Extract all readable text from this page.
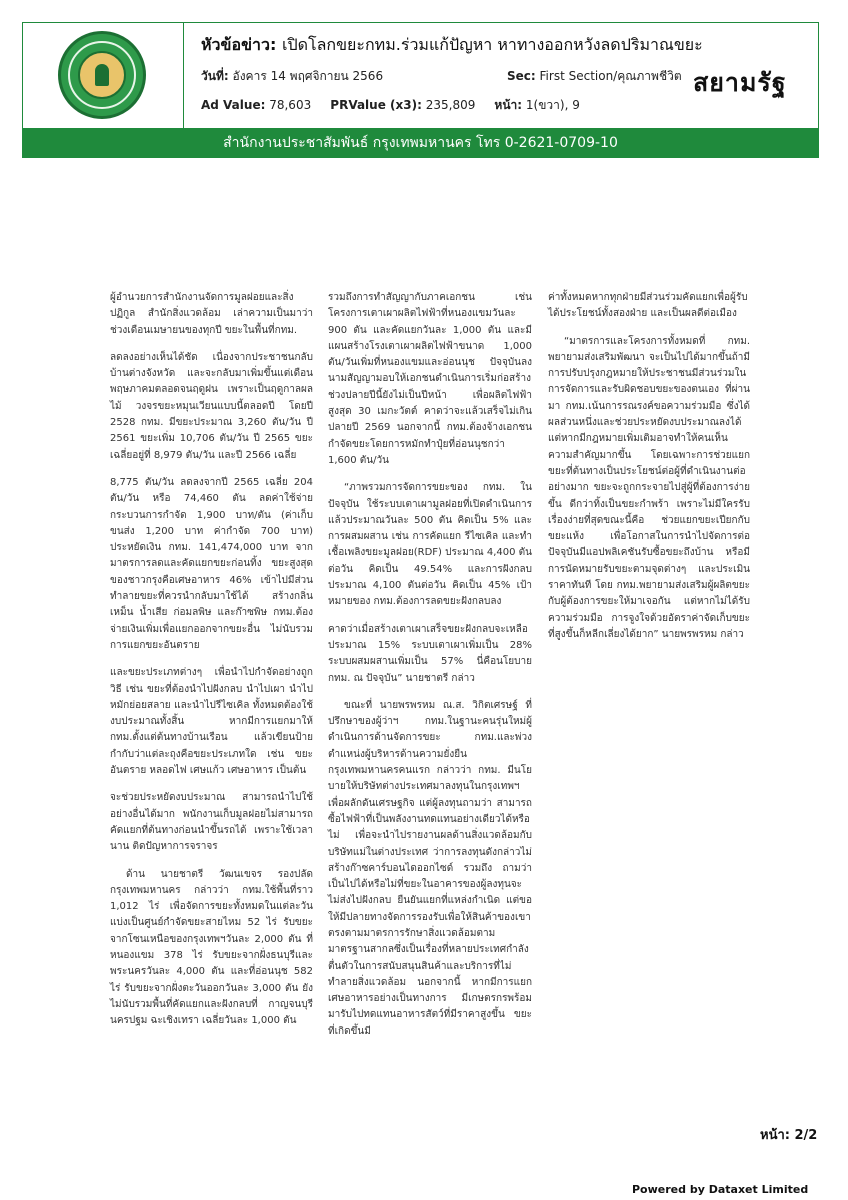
หัวข้อข่าว: เปิดโลกขยะกทม.ร่วมแก้ปัญหา หาทางออกหวังลดปริมาณขยะ
วันที่: อังคาร 14 พฤศจิกายน 2566	Sec: First Section/คุณภาพชีวิต
Ad Value: 78,603 PRValue (x3): 235,809 หน้า: 1(ขวา), 9
สยามรัฐ
สำนักงานประชาสัมพันธ์ กรุงเทพมหานคร โทร 0-2621-0709-10

ผู้อำนวยการสำนักงานจัดการมูลฝอยและสิ่งปฏิกูล สำนักสิ่งแวดล้อม เล่าความเป็นมาว่า ช่วงเดือนเมษายนของทุกปี ขยะในพื้นที่กทม.

ลดลงอย่างเห็นได้ชัด เนื่องจากประชาชนกลับบ้านต่างจังหวัด และจะกลับมาเพิ่มขึ้นแต่เดือนพฤษภาคมตลอดจนฤดูฝน เพราะเป็นฤดูกาลผลไม้ วงจรขยะหมุนเวียนแบบนี้ตลอดปี โดยปี 2528 กทม. มีขยะประมาณ 3,260 ตัน/วัน ปี 2561 ขยะเพิ่ม 10,706 ตัน/วัน ปี 2565 ขยะเฉลี่ยอยู่ที่ 8,979 ตัน/วัน และปี 2566 เฉลี่ย

8,775 ตัน/วัน ลดลงจากปี 2565 เฉลี่ย 204 ตัน/วัน หรือ 74,460 ตัน ลดค่าใช้จ่ายกระบวนการกำจัด 1,900 บาท/ตัน (ค่าเก็บขนส่ง 1,200 บาท ค่ากำจัด 700 บาท) ประหยัดเงิน กทม. 141,474,000 บาท จากมาตรการลดและคัดแยกขยะก่อนทิ้ง ขยะสูงสุดของชาวกรุงคือเศษอาหาร 46% เข้าไปมีส่วนทำลายขยะที่ควรนำกลับมาใช้ได้ สร้างกลิ่นเหม็น น้ำเสีย ก่อมลพิษ และก๊าซพิษ กทม.ต้องจ่ายเงินเพิ่มเพื่อแยกออกจากขยะอื่น ไม่นับรวมการแยกขยะอันตราย

และขยะประเภทต่างๆ เพื่อนำไปกำจัดอย่างถูกวิธี เช่น ขยะที่ต้องนำไปฝังกลบ นำไปเผา นำไปหมักย่อยสลาย และนำไปรีไซเคิล ทั้งหมดต้องใช้งบประมาณทั้งสิ้น หากมีการแยกมาให้ กทม.ตั้งแต่ต้นทางบ้านเรือน แล้วเขียนป้ายกำกับว่าแต่ละถุงคือขยะประเภทใด เช่น ขยะอันตราย หลอดไฟ เศษแก้ว เศษอาหาร เป็นต้น

จะช่วยประหยัดงบประมาณ สามารถนำไปใช้อย่างอื่นได้มาก พนักงานเก็บมูลฝอยไม่สามารถคัดแยกที่ต้นทางก่อนนำขึ้นรถได้ เพราะใช้เวลานาน ติดปัญหาการจราจร

ด้าน นายชาตรี วัฒนเขจร รองปลัดกรุงเทพมหานคร กล่าวว่า กทม.ใช้พื้นที่ราว 1,012 ไร่ เพื่อจัดการขยะทั้งหมดในแต่ละวัน แบ่งเป็นศูนย์กำจัดขยะสายไหม 52 ไร่ รับขยะจากโซนเหนือของกรุงเทพฯวันละ 2,000 ตัน ที่หนองแขม 378 ไร่ รับขยะจากฝั่งธนบุรีและพระนครวันละ 4,000 ตัน และที่อ่อนนุช 582 ไร่ รับขยะจากฝั่งตะวันออกวันละ 3,000 ตัน ยังไม่นับรวมพื้นที่คัดแยกและฝังกลบที่ กาญจนบุรี นครปฐม ฉะเชิงเทรา เฉลี่ยวันละ 1,000 ตัน

รวมถึงการทำสัญญากับภาคเอกชน เช่น โครงการเตาเผาผลิตไฟฟ้าที่หนองแขมวันละ 900 ตัน และคัดแยกวันละ 1,000 ตัน และมีแผนสร้างโรงเตาเผาผลิตไฟฟ้าขนาด 1,000 ตัน/วันเพิ่มที่หนองแขมและอ่อนนุช ปัจจุบันลงนามสัญญามอบให้เอกชนดำเนินการเริ่มก่อสร้างช่วงปลายปีนี้ยังไม่เป็นปีหน้า เพื่อผลิตไฟฟ้าสูงสุด 30 เมกะวัตต์ คาดว่าจะแล้วเสร็จไม่เกินปลายปี 2569 นอกจากนี้ กทม.ต้องจ้างเอกชนกำจัดขยะโดยการหมักทำปุ๋ยที่อ่อนนุชกว่า 1,600 ตัน/วัน

“ภาพรวมการจัดการขยะของ กทม. ในปัจจุบัน ใช้ระบบเตาเผามูลฝอยที่เปิดดำเนินการแล้วประมาณวันละ 500 ตัน คิดเป็น 5% และการผสมผสาน เช่น การคัดแยก รีไซเคิล และทำเชื้อเพลิงขยะมูลฝอย(RDF) ประมาณ 4,400 ตันต่อวัน คิดเป็น 49.54% และการฝังกลบประมาณ 4,100 ตันต่อวัน คิดเป็น 45% เป้าหมายของ กทม.ต้องการลดขยะฝังกลบลง

คาดว่าเมื่อสร้างเตาเผาเสร็จขยะฝังกลบจะเหลือประมาณ 15% ระบบเตาเผาเพิ่มเป็น 28% ระบบผสมผสานเพิ่มเป็น 57% นี่คือนโยบาย กทม. ณ ปัจจุบัน” นายชาตรี กล่าว

ขณะที่ นายพรพรหม ณ.ส. วิกิตเศรษฐ์ ที่ปรึกษาของผู้ว่าฯ กทม.ในฐานะคนรุ่นใหม่ผู้ดำเนินการด้านจัดการขยะ กทม.และพ่วงตำแหน่งผู้บริหารด้านความยั่งยืนกรุงเทพมหานครคนแรก กล่าวว่า กทม. มีนโยบายให้บริษัทต่างประเทศมาลงทุนในกรุงเทพฯ เพื่อผลักดันเศรษฐกิจ แต่ผู้ลงทุนถามว่า สามารถซื้อไฟฟ้าที่เป็นพลังงานทดแทนอย่างเดียวได้หรือไม่ เพื่อจะนำไปรายงานผลด้านสิ่งแวดล้อมกับบริษัทแม่ในต่างประเทศ ว่าการลงทุนดังกล่าวไม่สร้างก๊าซคาร์บอนไดออกไซด์ รวมถึง ถามว่าเป็นไปได้หรือไม่ที่ขยะในอาคารของผู้ลงทุนจะไม่ส่งไปฝังกลบ ยืนยันแยกที่แหล่งกำเนิด แต่ขอให้มีปลายทางจัดการรองรับเพื่อให้สินค้าของเขาตรงตามมาตรการรักษาสิ่งแวดล้อมตามมาตรฐานสากลซึ่งเป็นเรื่องที่หลายประเทศกำลังตื่นตัวในการสนับสนุนสินค้าและบริการที่ไม่ทำลายสิ่งแวดล้อม นอกจากนี้ หากมีการแยกเศษอาหารอย่างเป็นทางการ มีเกษตรกรพร้อมมารับไปทดแทนอาหารสัตว์ที่มีราคาสูงขึ้น ขยะที่เกิดขึ้นมี

ค่าทั้งหมดหากทุกฝ่ายมีส่วนร่วมคัดแยกเพื่อผู้รับได้ประโยชน์ทั้งสองฝ่าย และเป็นผลดีต่อเมือง

“มาตรการและโครงการทั้งหมดที่ กทม. พยายามส่งเสริมพัฒนา จะเป็นไปได้มากขึ้นถ้ามีการปรับปรุงกฎหมายให้ประชาชนมีส่วนร่วมในการจัดการและรับผิดชอบขยะของตนเอง ที่ผ่านมา กทม.เน้นการรณรงค์ขอความร่วมมือ ซึ่งได้ผลส่วนหนึ่งและช่วยประหยัดงบประมาณลงได้ แต่หากมีกฎหมายเพิ่มเติมอาจทำให้คนเห็นความสำคัญมากขึ้น โดยเฉพาะการช่วยแยกขยะที่ต้นทางเป็นประโยชน์ต่อผู้ที่ดำเนินงานต่ออย่างมาก ขยะจะถูกกระจายไปสู่ผู้ที่ต้องการง่ายขึ้น ดีกว่าทิ้งเป็นขยะกำพร้า เพราะไม่มีใครรับ เรื่องง่ายที่สุดขณะนี้คือ ช่วยแยกขยะเปียกกับขยะแห้ง เพื่อโอกาสในการนำไปจัดการต่อ ปัจจุบันมีแอปพลิเคชันรับซื้อขยะถึงบ้าน หรือมีการนัดหมายรับขยะตามจุดต่างๆ และประเมินราคาทันที โดย กทม.พยายามส่งเสริมผู้ผลิตขยะกับผู้ต้องการขยะให้มาเจอกัน แต่หากไม่ได้รับความร่วมมือ การจูงใจด้วยอัตราค่าจัดเก็บขยะที่สูงขึ้นก็หลีกเลี่ยงได้ยาก” นายพรพรหม กล่าว

หน้า: 2/2
Powered by Dataxet Limited
